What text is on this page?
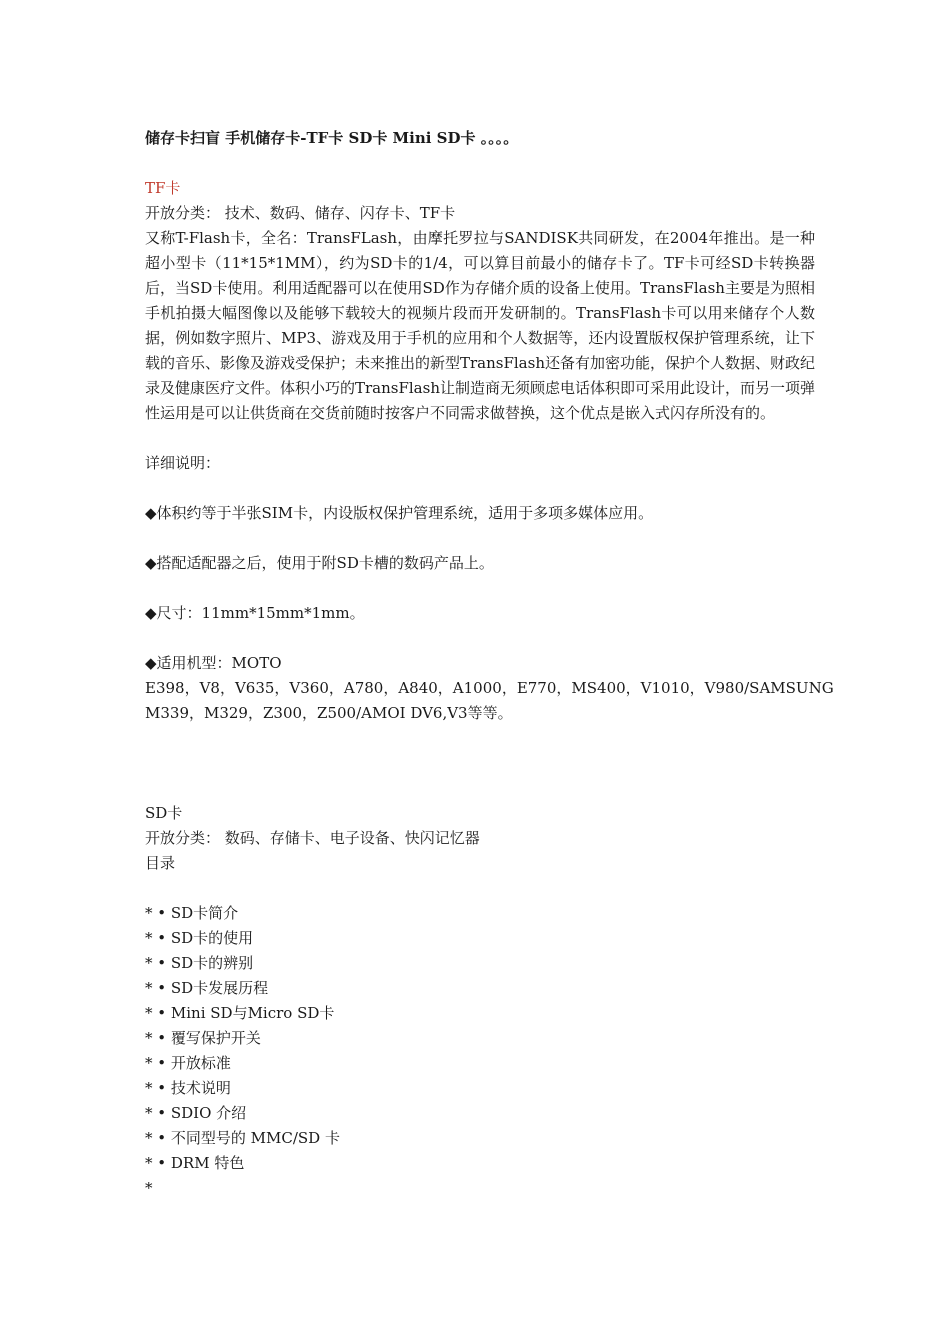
储存卡扫盲 手机储存卡-TF卡 SD卡 Mini SD卡 。。。。

TF卡

开放分类： 技术、数码、储存、闪存卡、TF卡

又称T-Flash卡，全名：TransFLash，由摩托罗拉与SANDISK共同研发，在2004年推出。是一种超小型卡（11*15*1MM），约为SD卡的1/4，可以算目前最小的储存卡了。TF卡可经SD卡转换器后，当SD卡使用。利用适配器可以在使用SD作为存储介质的设备上使用。TransFlash主要是为照相手机拍摄大幅图像以及能够下载较大的视频片段而开发研制的。TransFlash卡可以用来储存个人数据，例如数字照片、MP3、游戏及用于手机的应用和个人数据等，还内设置版权保护管理系统，让下载的音乐、影像及游戏受保护；未来推出的新型TransFlash还备有加密功能，保护个人数据、财政纪录及健康医疗文件。体积小巧的TransFlash让制造商无须顾虑电话体积即可采用此设计，而另一项弹性运用是可以让供货商在交货前随时按客户不同需求做替换，这个优点是嵌入式闪存所没有的。

详细说明：

◆体积约等于半张SIM卡，内设版权保护管理系统，适用于多项多媒体应用。

◆搭配适配器之后，使用于附SD卡槽的数码产品上。

◆尺寸：11mm*15mm*1mm。

◆适用机型：MOTO

E398，V8，V635，V360，A780，A840，A1000，E770，MS400，V1010，V980/SAMSUNG

M339，M329，Z300，Z500/AMOI DV6,V3等等。

SD卡

开放分类： 数码、存储卡、电子设备、快闪记忆器

目录

* • SD卡简介
* • SD卡的使用
* • SD卡的辨别
* • SD卡发展历程
* • Mini SD与Micro SD卡
* • 覆写保护开关
* • 开放标准
* • 技术说明
* • SDIO 介绍
* • 不同型号的 MMC/SD 卡
* • DRM 特色
*
